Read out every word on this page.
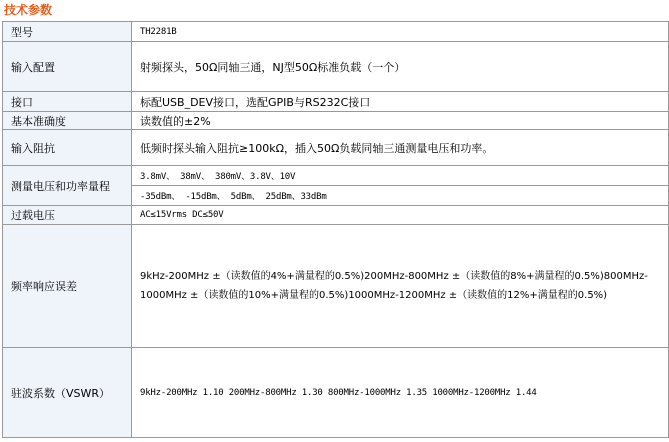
技术参数
型号	TH2281B
输入配置	射频探头，50Ω同轴三通，NJ型50Ω标准负载（一个）
接口	标配USB_DEV接口，选配GPIB与RS232C接口
基本准确度	读数值的±2%
输入阻抗	低频时探头输入阻抗≥100kΩ，插入50Ω负载同轴三通测量电压和功率。
测量电压和功率量程	3.8mV、 38mV、 380mV、3.8V、10V
	-35dBm、 -15dBm、 5dBm、 25dBm、33dBm
过载电压	AC≤15Vrms DC≤50V
频率响应误差	9kHz-200MHz ±（读数值的4%+满量程的0.5%)200MHz-800MHz ±（读数值的8%+满量程的0.5%)800MHz-1000MHz ±（读数值的10%+满量程的0.5%)1000MHz-1200MHz ±（读数值的12%+满量程的0.5%)
驻波系数（VSWR）	9kHz-200MHz 1.10 200MHz-800MHz 1.30 800MHz-1000MHz 1.35 1000MHz-1200MHz 1.44
